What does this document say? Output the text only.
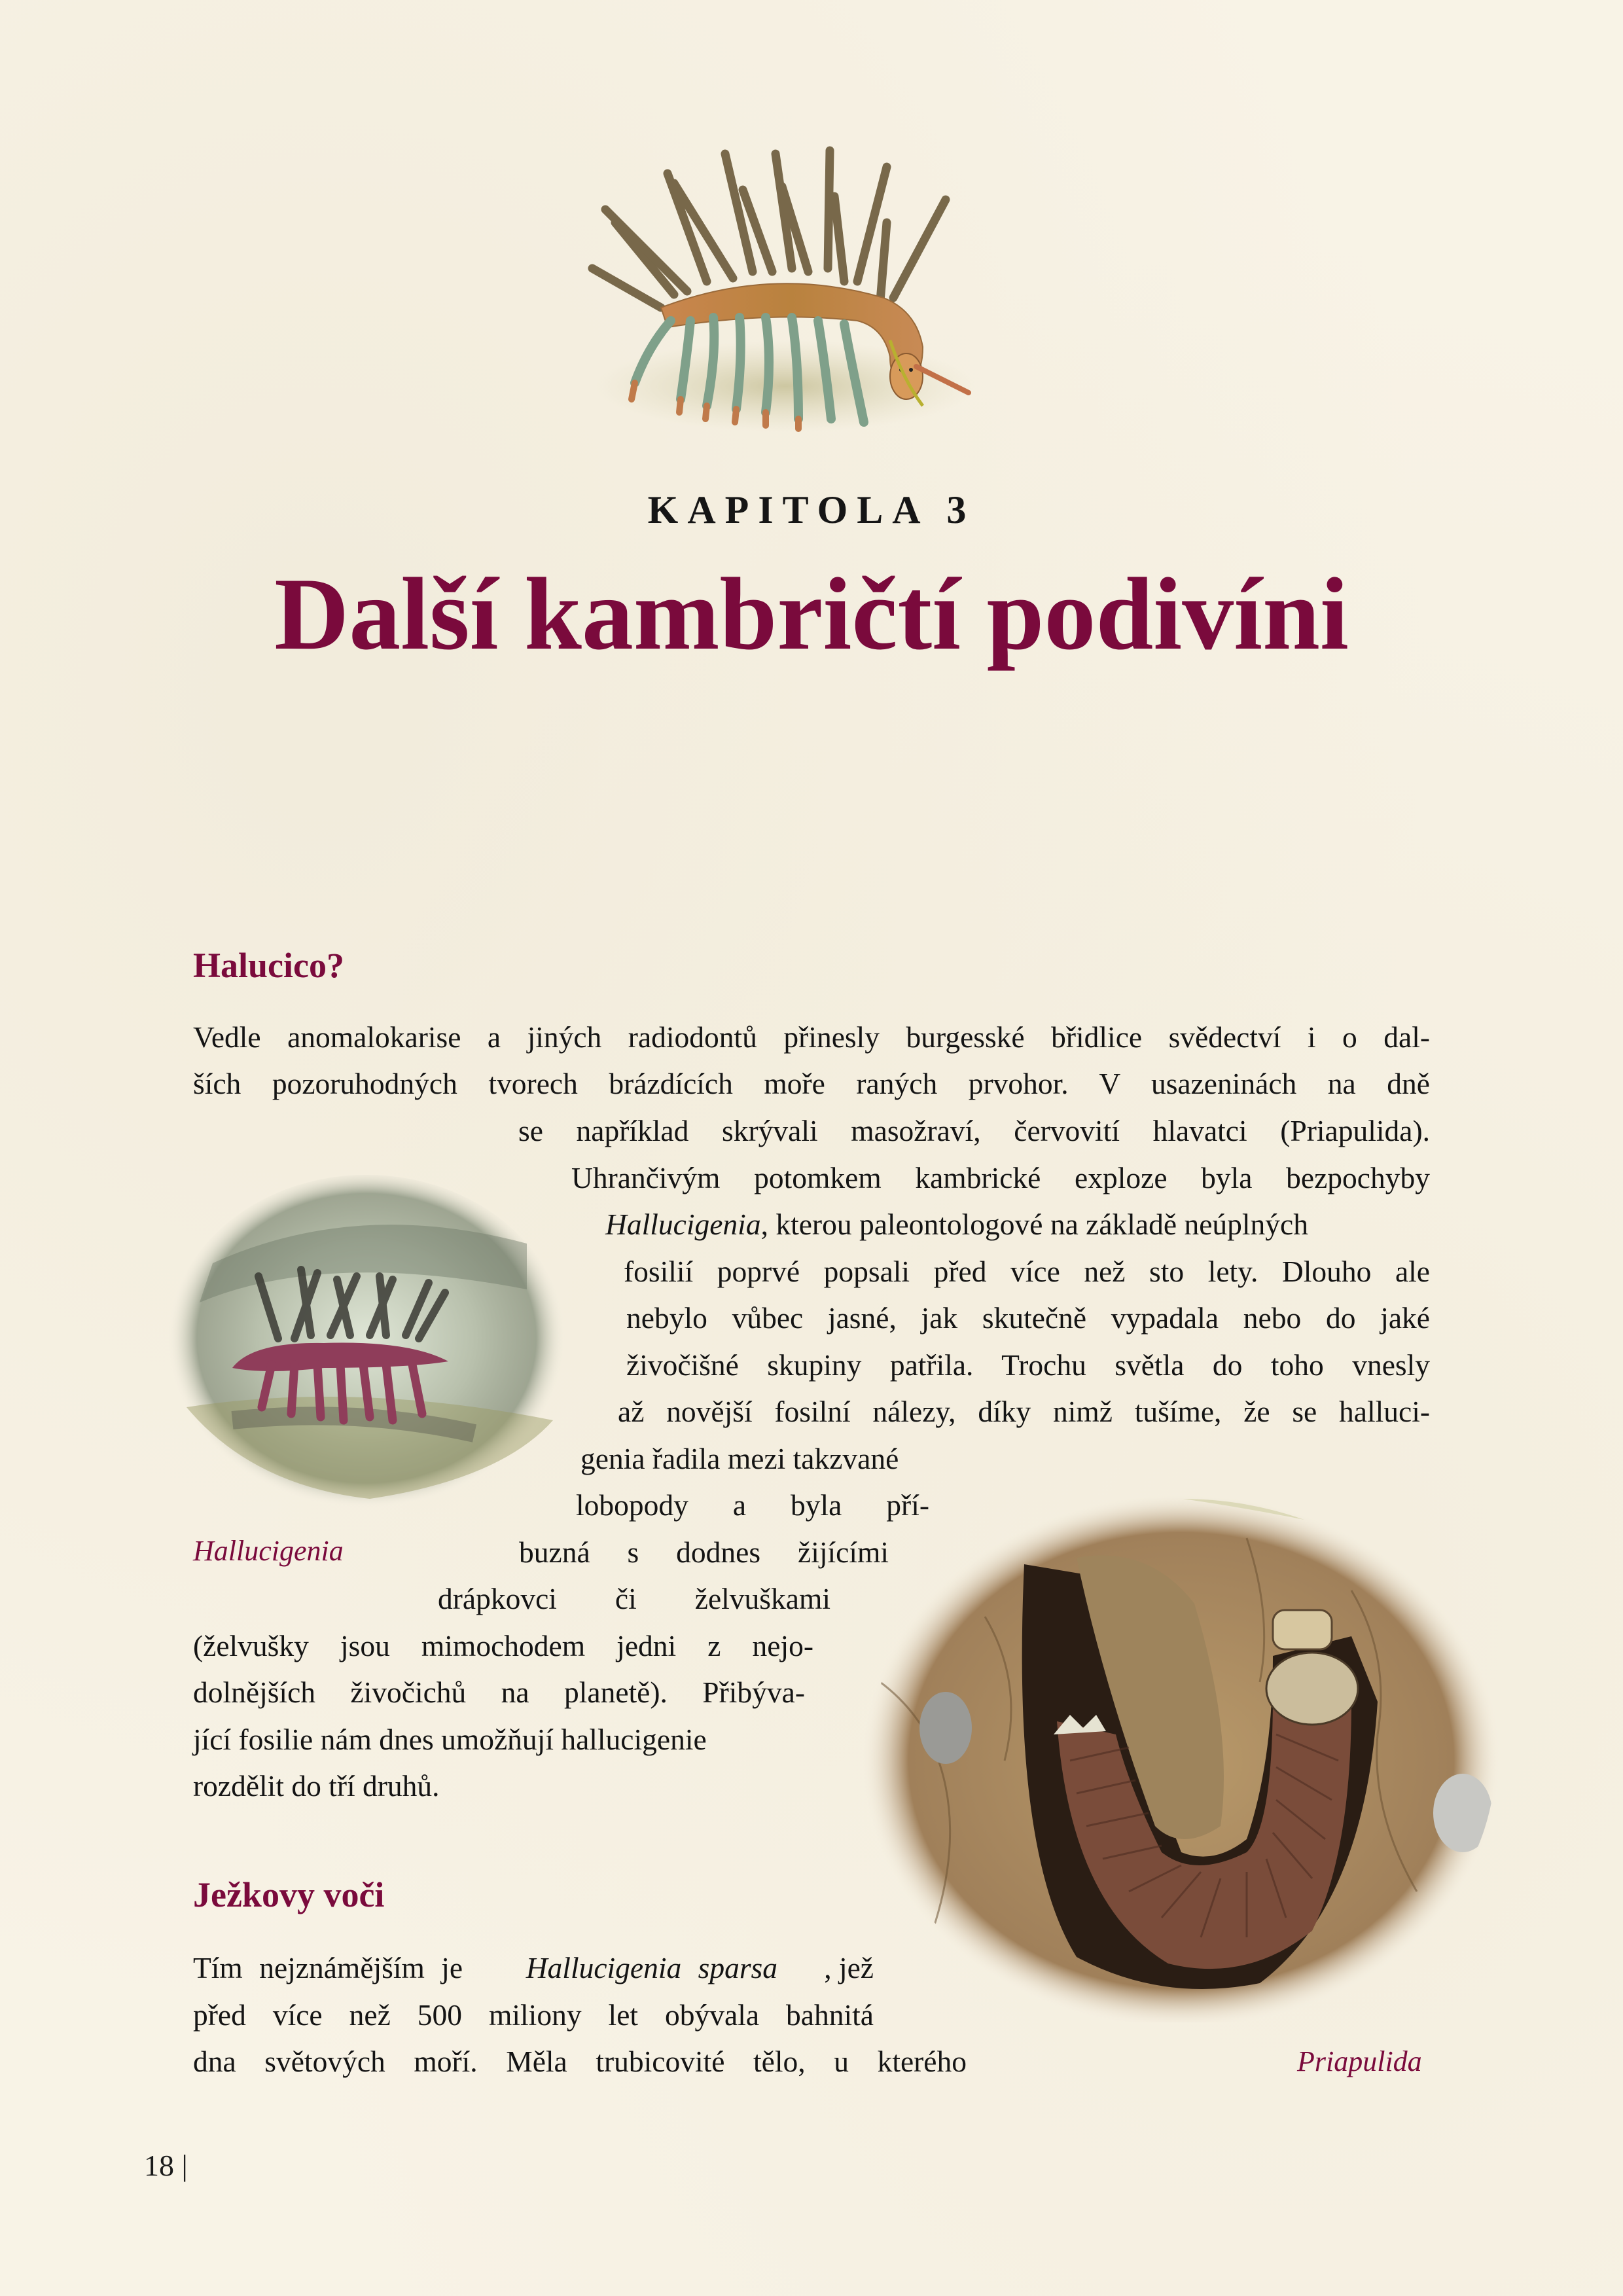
KAPITOLA 3
Další kambričtí podivíni
Halucico?
Vedle anomalokarise a jiných radiodontů přinesly burgesské břidlice svědectví i o dal-
ších pozoruhodných tvorech brázdících moře raných prvohor. V usazeninách na dně
se například skrývali masožraví, červovití hlavatci (Priapulida).
Uhrančivým potomkem kambrické exploze byla bezpochyby
Hallucigenia, kterou paleontologové na základě neúplných
fosilií poprvé popsali před více než sto lety. Dlouho ale
nebylo vůbec jasné, jak skutečně vypadala nebo do jaké
živočišné skupiny patřila. Trochu světla do toho vnesly
až novější fosilní nálezy, díky nimž tušíme, že se halluci-
genia řadila mezi takzvané
lobopody a byla pří-
buzná s dodnes žijícími
drápkovci či želvuškami
(želvušky jsou mimochodem jedni z nejo-
dolnějších živočichů na planetě). Přibýva-
jící fosilie nám dnes umožňují hallucigenie
rozdělit do tří druhů.
Hallucigenia
Ježkovy voči
Tím nejznámějším je Hallucigenia sparsa , jež
před více než 500 miliony let obývala bahnitá
dna světových moří. Měla trubicovité tělo, u kterého	Priapulida
18 |
